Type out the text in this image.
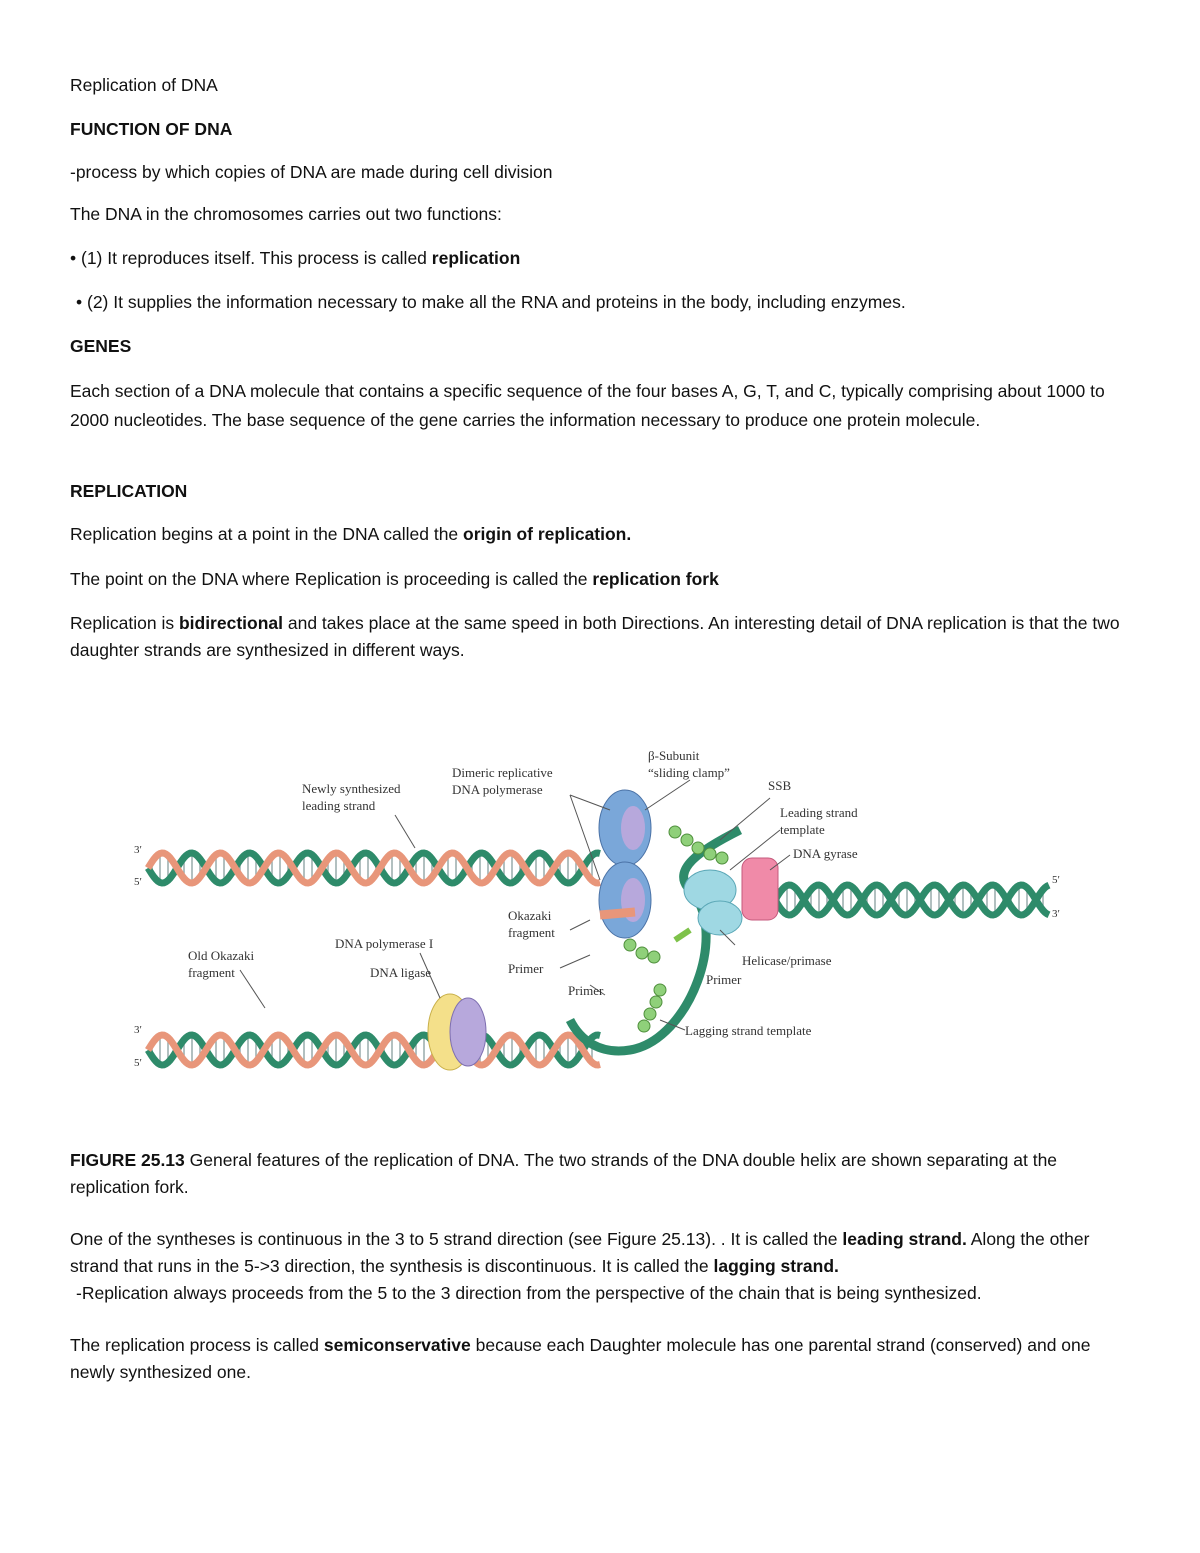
Replication of DNA

FUNCTION OF DNA

-process by which copies of DNA are made during cell division

The DNA in the chromosomes carries out two functions:

• (1) It reproduces itself. This process is called replication

• (2) It supplies the information necessary to make all the RNA and proteins in the body, including enzymes.

GENES

Each section of a DNA molecule that contains a specific sequence of the four bases A, G, T, and C, typically comprising about 1000 to 2000 nucleotides. The base sequence of the gene carries the information necessary to produce one protein molecule.

REPLICATION

Replication begins at a point in the DNA called the origin of replication.

The point on the DNA where Replication is proceeding is called the replication fork

Replication is bidirectional and takes place at the same speed in both Directions. An interesting detail of DNA replication is that the two daughter strands are synthesized in different ways.

Newly synthesized
leading strand
Dimeric replicative
DNA polymerase
β-Subunit
“sliding clamp”
SSB
Leading strand
template
DNA gyrase
Okazaki
fragment
Old Okazaki
fragment
DNA polymerase I
DNA ligase	Primer
Primer
Primer
Helicase/primase
Lagging strand template
3′
5′
3′
5′
5′
3′

FIGURE 25.13 General features of the replication of DNA. The two strands of the DNA double helix are shown separating at the replication fork.

One of the syntheses is continuous in the 3 to 5 strand direction (see Figure 25.13). . It is called the leading strand. Along the other strand that runs in the 5->3 direction, the synthesis is discontinuous. It is called the lagging strand.

-Replication always proceeds from the 5 to the 3 direction from the perspective of the chain that is being synthesized.

The replication process is called semiconservative because each Daughter molecule has one parental strand (conserved) and one newly synthesized one.
